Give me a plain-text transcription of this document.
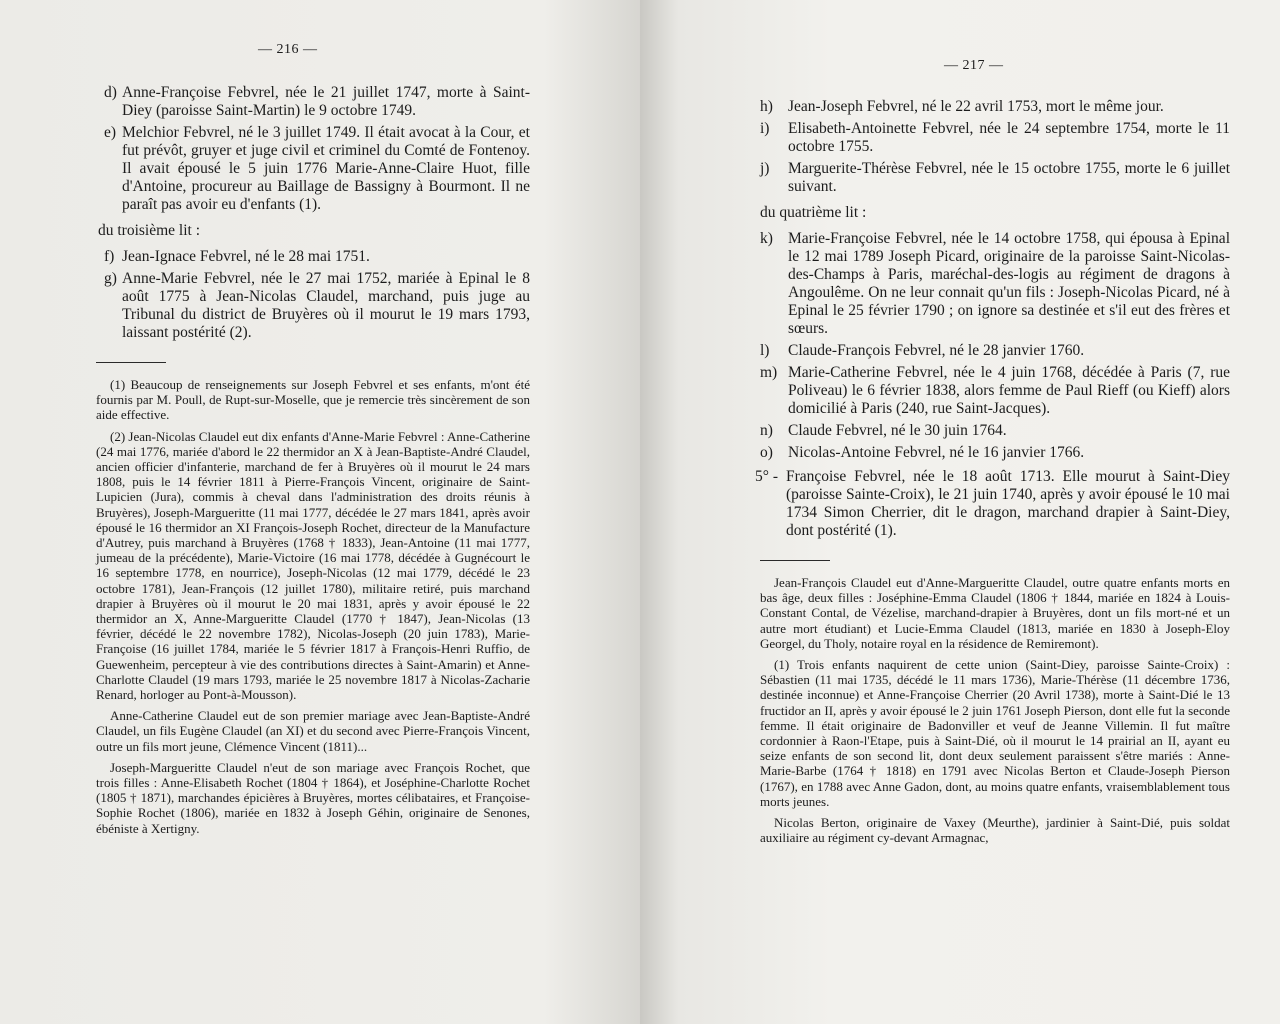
— 216 —
d) Anne-Françoise Febvrel, née le 21 juillet 1747, morte à Saint-Diey (paroisse Saint-Martin) le 9 octobre 1749.
e) Melchior Febvrel, né le 3 juillet 1749. Il était avocat à la Cour, et fut prévôt, gruyer et juge civil et criminel du Comté de Fontenoy. Il avait épousé le 5 juin 1776 Marie-Anne-Claire Huot, fille d'Antoine, procureur au Baillage de Bassigny à Bourmont. Il ne paraît pas avoir eu d'enfants (1).
du troisième lit :
f) Jean-Ignace Febvrel, né le 28 mai 1751.
g) Anne-Marie Febvrel, née le 27 mai 1752, mariée à Epinal le 8 août 1775 à Jean-Nicolas Claudel, marchand, puis juge au Tribunal du district de Bruyères où il mourut le 19 mars 1793, laissant postérité (2).

(1) Beaucoup de renseignements sur Joseph Febvrel et ses enfants, m'ont été fournis par M. Poull, de Rupt-sur-Moselle, que je remercie très sincèrement de son aide effective.

(2) Jean-Nicolas Claudel eut dix enfants d'Anne-Marie Febvrel : Anne-Catherine (24 mai 1776, mariée d'abord le 22 thermidor an X à Jean-Baptiste-André Claudel, ancien officier d'infanterie, marchand de fer à Bruyères où il mourut le 24 mars 1808, puis le 14 février 1811 à Pierre-François Vincent, originaire de Saint-Lupicien (Jura), commis à cheval dans l'administration des droits réunis à Bruyères), Joseph-Margueritte (11 mai 1777, décédée le 27 mars 1841, après avoir épousé le 16 thermidor an XI François-Joseph Rochet, directeur de la Manufacture d'Autrey, puis marchand à Bruyères (1768 † 1833), Jean-Antoine (11 mai 1777, jumeau de la précédente), Marie-Victoire (16 mai 1778, décédée à Gugnécourt le 16 septembre 1778, en nourrice), Joseph-Nicolas (12 mai 1779, décédé le 23 octobre 1781), Jean-François (12 juillet 1780), militaire retiré, puis marchand drapier à Bruyères où il mourut le 20 mai 1831, après y avoir épousé le 22 thermidor an X, Anne-Margueritte Claudel (1770 † 1847), Jean-Nicolas (13 février, décédé le 22 novembre 1782), Nicolas-Joseph (20 juin 1783), Marie-Françoise (16 juillet 1784, mariée le 5 février 1817 à François-Henri Ruffio, de Guewenheim, percepteur à vie des contributions directes à Saint-Amarin) et Anne-Charlotte Claudel (19 mars 1793, mariée le 25 novembre 1817 à Nicolas-Zacharie Renard, horloger au Pont-à-Mousson).

Anne-Catherine Claudel eut de son premier mariage avec Jean-Baptiste-André Claudel, un fils Eugène Claudel (an XI) et du second avec Pierre-François Vincent, outre un fils mort jeune, Clémence Vincent (1811)...

Joseph-Margueritte Claudel n'eut de son mariage avec François Rochet, que trois filles : Anne-Elisabeth Rochet (1804 † 1864), et Joséphine-Charlotte Rochet (1805 † 1871), marchandes épicières à Bruyères, mortes célibataires, et Françoise-Sophie Rochet (1806), mariée en 1832 à Joseph Géhin, originaire de Senones, ébéniste à Xertigny.

— 217 —
h) Jean-Joseph Febvrel, né le 22 avril 1753, mort le même jour.
i)	Elisabeth-Antoinette Febvrel, née le 24 septembre 1754, morte le 11 octobre 1755.
j)	Marguerite-Thérèse Febvrel, née le 15 octobre 1755, morte le 6 juillet suivant.
du quatrième lit :
k) Marie-Françoise Febvrel, née le 14 octobre 1758, qui épousa à Epinal le 12 mai 1789 Joseph Picard, originaire de la paroisse Saint-Nicolas-des-Champs à Paris, maréchal-des-logis au régiment de dragons à Angoulême. On ne leur connait qu'un fils : Joseph-Nicolas Picard, né à Epinal le 25 février 1790 ; on ignore sa destinée et s'il eut des frères et sœurs.
l)	Claude-François Febvrel, né le 28 janvier 1760.
m) Marie-Catherine Febvrel, née le 4 juin 1768, décédée à Paris (7, rue Poliveau) le 6 février 1838, alors femme de Paul Rieff (ou Kieff) alors domicilié à Paris (240, rue Saint-Jacques).
n) Claude Febvrel, né le 30 juin 1764.
o) Nicolas-Antoine Febvrel, né le 16 janvier 1766.
5° - Françoise Febvrel, née le 18 août 1713. Elle mourut à Saint-Diey (paroisse Sainte-Croix), le 21 juin 1740, après y avoir épousé le 10 mai 1734 Simon Cherrier, dit le dragon, marchand drapier à Saint-Diey, dont postérité (1).

Jean-François Claudel eut d'Anne-Margueritte Claudel, outre quatre enfants morts en bas âge, deux filles : Joséphine-Emma Claudel (1806 † 1844, mariée en 1824 à Louis-Constant Contal, de Vézelise, marchand-drapier à Bruyères, dont un fils mort-né et un autre mort étudiant) et Lucie-Emma Claudel (1813, mariée en 1830 à Joseph-Eloy Georgel, du Tholy, notaire royal en la résidence de Remiremont).

(1) Trois enfants naquirent de cette union (Saint-Diey, paroisse Sainte-Croix) : Sébastien (11 mai 1735, décédé le 11 mars 1736), Marie-Thérèse (11 décembre 1736, destinée inconnue) et Anne-Françoise Cherrier (20 Avril 1738), morte à Saint-Dié le 13 fructidor an II, après y avoir épousé le 2 juin 1761 Joseph Pierson, dont elle fut la seconde femme. Il était originaire de Badonviller et veuf de Jeanne Villemin. Il fut maître cordonnier à Raon-l'Etape, puis à Saint-Dié, où il mourut le 14 prairial an II, ayant eu seize enfants de son second lit, dont deux seulement paraissent s'être mariés : Anne-Marie-Barbe (1764 † 1818) en 1791 avec Nicolas Berton et Claude-Joseph Pierson (1767), en 1788 avec Anne Gadon, dont, au moins quatre enfants, vraisemblablement tous morts jeunes.

Nicolas Berton, originaire de Vaxey (Meurthe), jardinier à Saint-Dié, puis soldat auxiliaire au régiment cy-devant Armagnac,
